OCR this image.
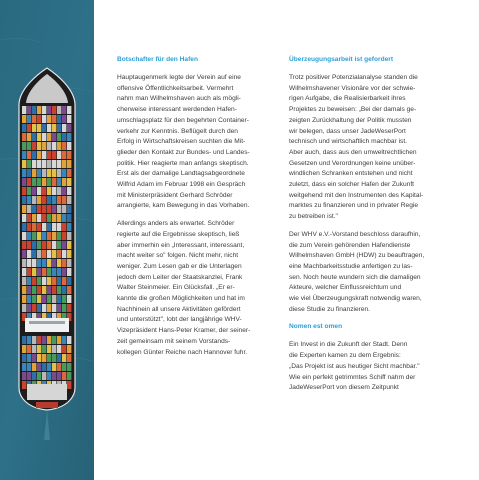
Botschafter für den Hafen

Hauptaugenmerk legte der Verein auf eine
offensive Öffentlichkeitsarbeit. Vermehrt
nahm man Wilhelmshaven auch als mögli-
cherweise interessant werdenden Hafen-
umschlagsplatz für den begehrten Container-
verkehr zur Kenntnis. Beflügelt durch den
Erfolg in Wirtschaftskreisen suchten die Mit-
glieder den Kontakt zur Bundes- und Landes-
politik. Hier reagierte man anfangs skeptisch.
Erst als der damalige Landtagsabgeordnete
Wilfrid Adam im Februar 1998 ein Gespräch
mit Ministerpräsident Gerhard Schröder
arrangierte, kam Bewegung in das Vorhaben.

Allerdings anders als erwartet. Schröder
regierte auf die Ergebnisse skeptisch, ließ
aber immerhin ein „Interessant, interessant,
macht weiter so" folgen. Nicht mehr, nicht
weniger. Zum Lesen gab er die Unterlagen
jedoch dem Leiter der Staatskanzlei, Frank
Walter Steinmeier. Ein Glücksfall. „Er er-
kannte die großen Möglichkeiten und hat im
Nachhinein all unsere Aktivitäten gefördert
und unterstützt", lobt der langjährige WHV-
Vizepräsident Hans-Peter Kramer, der seiner-
zeit gemeinsam mit seinem Vorstands-
kollegen Günter Reiche nach Hannover fuhr.

Überzeugungsarbeit ist gefordert

Trotz positiver Potenzialanalyse standen die
Wilhelmshavener Visionäre vor der schwie-
rigen Aufgabe, die Realisierbarkeit ihres
Projektes zu beweisen: „Bei der damals ge-
zeigten Zurückhaltung der Politik mussten
wir belegen, dass unser JadeWeserPort
technisch und wirtschaftlich machbar ist.
Aber auch, dass aus den umweltrechtlichen
Gesetzen und Verordnungen keine unüber-
windlichen Schranken entstehen und nicht
zuletzt, dass ein solcher Hafen der Zukunft
weitgehend mit den Instrumenten des Kapital-
marktes zu finanzieren und in privater Regie
zu betreiben ist."

Der WHV e.V.-Vorstand beschloss daraufhin,
die zum Verein gehörenden Hafendienste
Wilhelmshaven GmbH (HDW) zu beauftragen,
eine Machbarkeitsstudie anfertigen zu las-
sen. Noch heute wundern sich die damaligen
Akteure, welcher Einflussreichtum und
wie viel Überzeugungskraft notwendig waren,
diese Studie zu finanzieren.

Nomen est omen

Ein Invest in die Zukunft der Stadt. Denn
die Experten kamen zu dem Ergebnis:
„Das Projekt ist aus heutiger Sicht machbar."
Wie ein perfekt getrimmtes Schiff nahm der
JadeWeserPort von diesem Zeitpunkt
